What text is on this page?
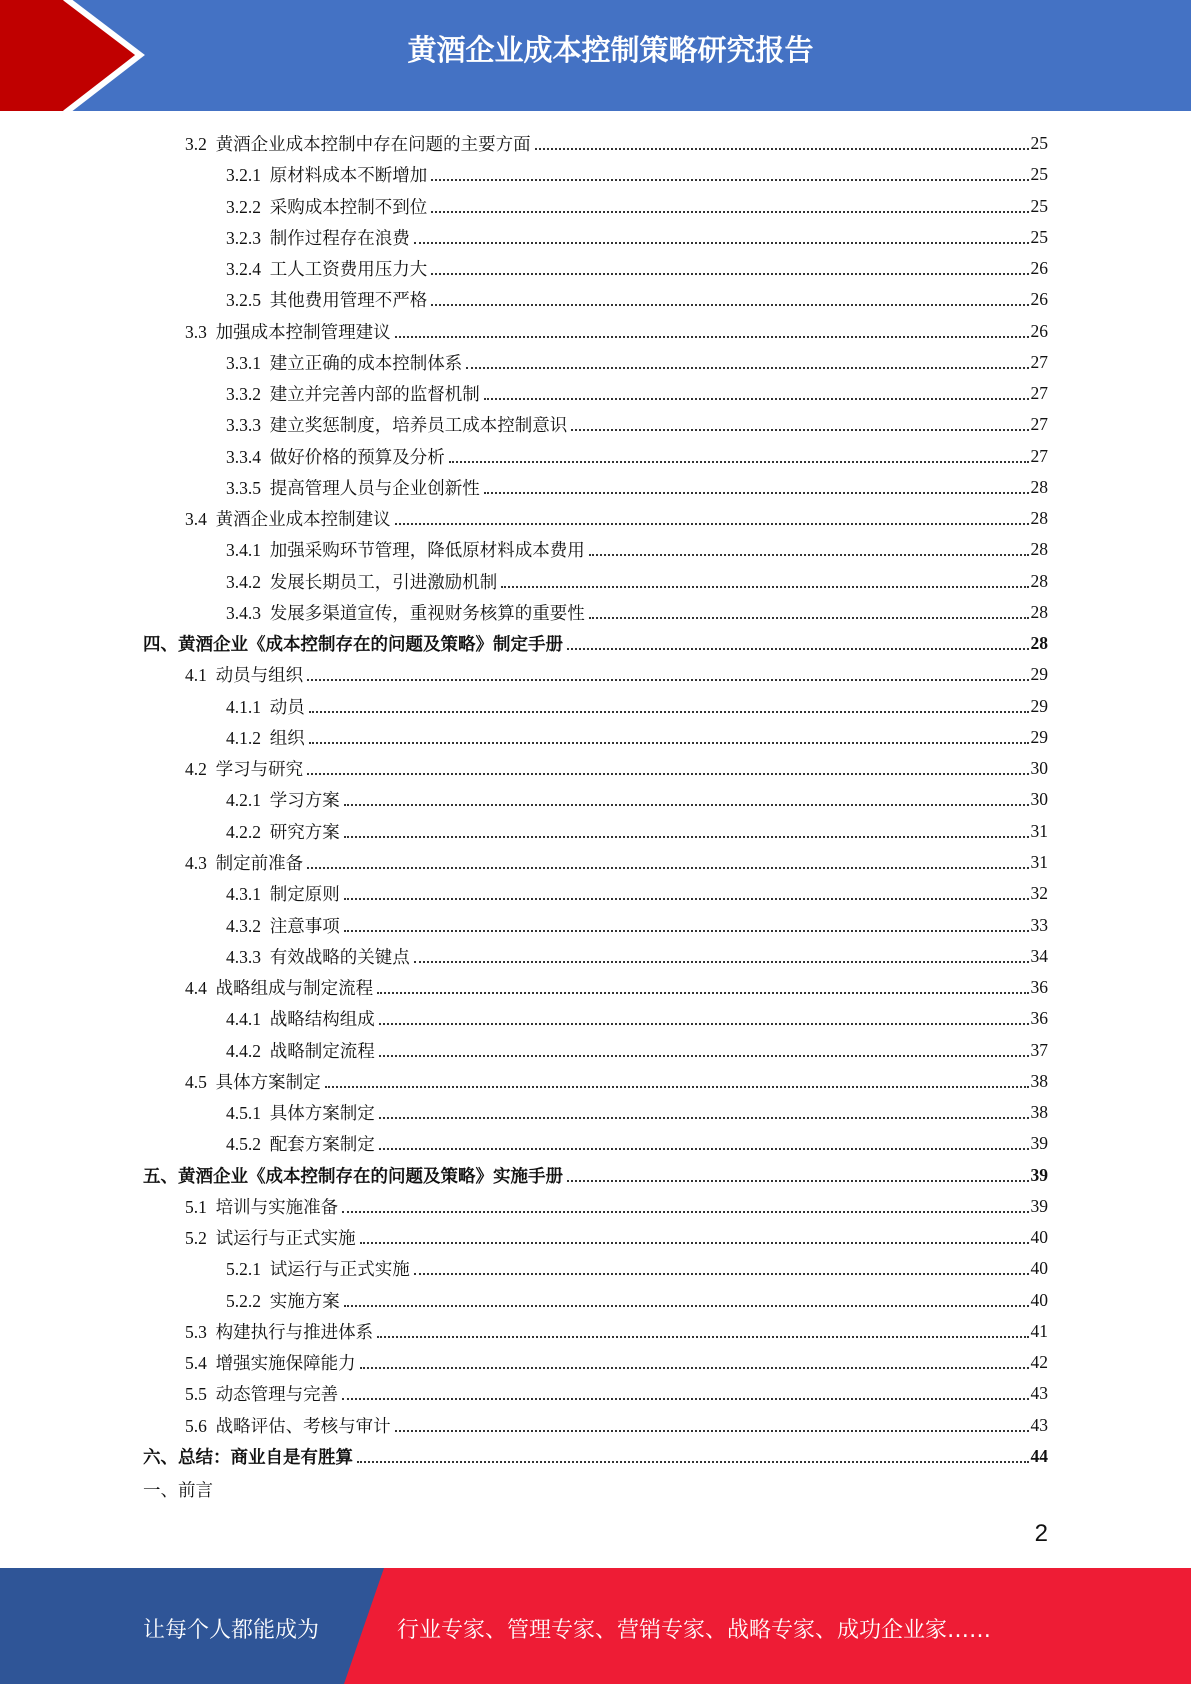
黄酒企业成本控制策略研究报告
3.2 黄酒企业成本控制中存在问题的主要方面	25
3.2.1 原材料成本不断增加	25
3.2.2 采购成本控制不到位	25
3.2.3 制作过程存在浪费	25
3.2.4 工人工资费用压力大	26
3.2.5 其他费用管理不严格	26
3.3 加强成本控制管理建议	26
3.3.1 建立正确的成本控制体系	27
3.3.2 建立并完善内部的监督机制	27
3.3.3 建立奖惩制度，培养员工成本控制意识	27
3.3.4 做好价格的预算及分析	27
3.3.5 提高管理人员与企业创新性	28
3.4 黄酒企业成本控制建议	28
3.4.1 加强采购环节管理，降低原材料成本费用	28
3.4.2 发展长期员工，引进激励机制	28
3.4.3 发展多渠道宣传，重视财务核算的重要性	28
四、黄酒企业《成本控制存在的问题及策略》制定手册	28
4.1 动员与组织	29
4.1.1 动员	29
4.1.2 组织	29
4.2 学习与研究	30
4.2.1 学习方案	30
4.2.2 研究方案	31
4.3 制定前准备	31
4.3.1 制定原则	32
4.3.2 注意事项	33
4.3.3 有效战略的关键点	34
4.4 战略组成与制定流程	36
4.4.1 战略结构组成	36
4.4.2 战略制定流程	37
4.5 具体方案制定	38
4.5.1 具体方案制定	38
4.5.2 配套方案制定	39
五、黄酒企业《成本控制存在的问题及策略》实施手册	39
5.1 培训与实施准备	39
5.2 试运行与正式实施	40
5.2.1 试运行与正式实施	40
5.2.2 实施方案	40
5.3 构建执行与推进体系	41
5.4 增强实施保障能力	42
5.5 动态管理与完善	43
5.6 战略评估、考核与审计	43
六、总结：商业自是有胜算	44
一、前言
2
让每个人都能成为	行业专家、管理专家、营销专家、战略专家、成功企业家……
